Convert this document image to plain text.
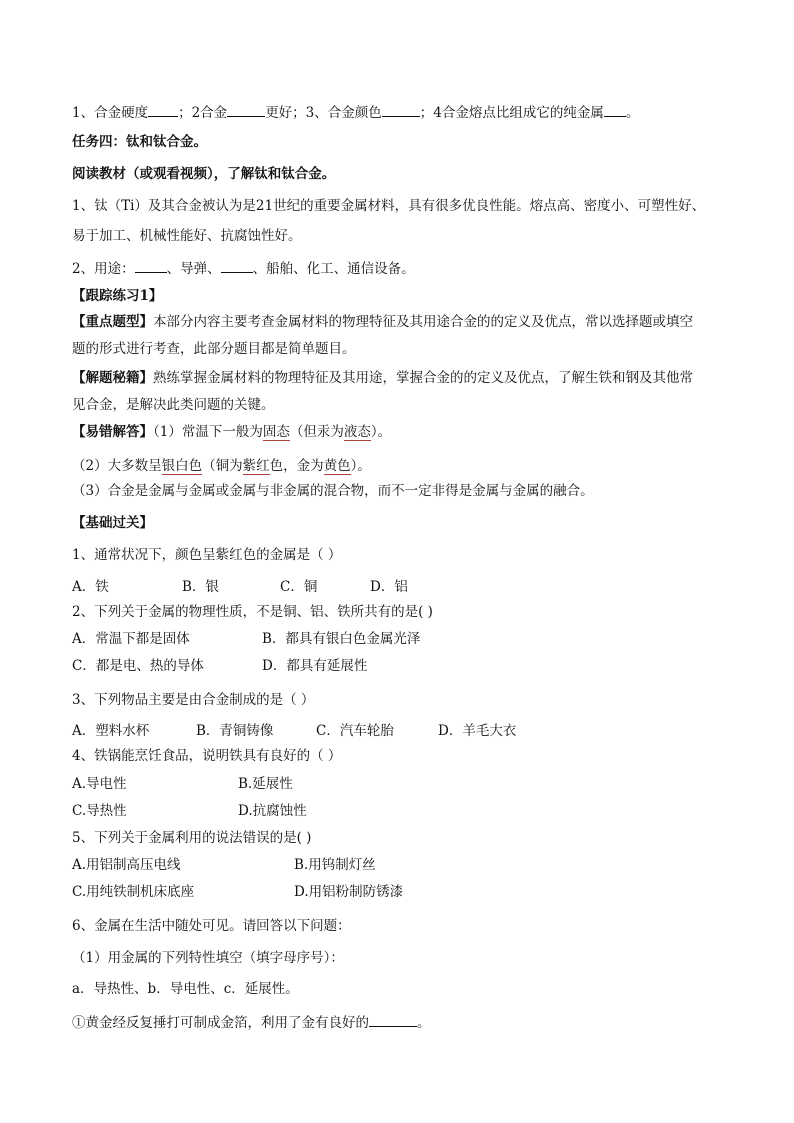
1、合金硬度 ；2合金	更好；3、合金颜色	；4合金熔点比组成它的纯金属 。
任务四：钛和钛合金。
阅读教材（或观看视频），了解钛和钛合金。
1、钛（Ti）及其合金被认为是21世纪的重要金属材料，具有很多优良性能。熔点高、密度小、可塑性好、
易于加工、机械性能好、抗腐蚀性好。
2、用途： 、导弹、 、船舶、化工、通信设备。
【跟踪练习1】
【重点题型】本部分内容主要考查金属材料的物理特征及其用途合金的的定义及优点，常以选择题或填空
题的形式进行考查，此部分题目都是简单题目。
【解题秘籍】熟练掌握金属材料的物理特征及其用途，掌握合金的的定义及优点，了解生铁和钢及其他常
见合金，是解决此类问题的关键。
【易错解答】（1）常温下一般为固态（但汞为液态）。
（2）大多数呈银白色（铜为紫红色，金为黄色）。
（3）合金是金属与金属或金属与非金属的混合物，而不一定非得是金属与金属的融合。
【基础过关】
1、通常状况下，颜色呈紫红色的金属是（ ）
A．铁	B．银	C．铜	D．铝
2、下列关于金属的物理性质，不是铜、铝、铁所共有的是( )
A．常温下都是固体	B．都具有银白色金属光泽
C．都是电、热的导体	D．都具有延展性
3、下列物品主要是由合金制成的是（ ）
A．塑料水杯	B．青铜铸像	C．汽车轮胎	D．羊毛大衣
4、铁锅能烹饪食品，说明铁具有良好的（ ）
A.导电性	B.延展性
C.导热性	D.抗腐蚀性
5、下列关于金属利用的说法错误的是( )
A.用铝制高压电线	B.用钨制灯丝
C.用纯铁制机床底座	D.用铝粉制防锈漆
6、金属在生活中随处可见。请回答以下问题：
（1）用金属的下列特性填空（填字母序号）：
a．导热性、b．导电性、c．延展性。
①黄金经反复捶打可制成金箔，利用了金有良好的	。
